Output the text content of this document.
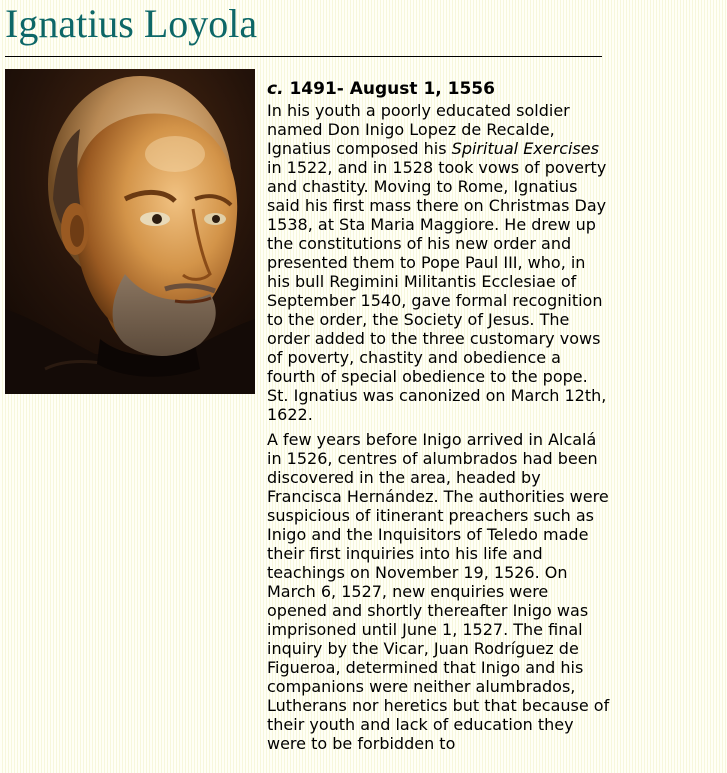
Ignatius Loyola

c. 1491- August 1, 1556

In his youth a poorly educated soldier named Don Inigo Lopez de Recalde, Ignatius composed his Spiritual Exercises in 1522, and in 1528 took vows of poverty and chastity. Moving to Rome, Ignatius said his first mass there on Christmas Day 1538, at Sta Maria Maggiore. He drew up the constitutions of his new order and presented them to Pope Paul III, who, in his bull Regimini Militantis Ecclesiae of September 1540, gave formal recognition to the order, the Society of Jesus. The order added to the three customary vows of poverty, chastity and obedience a fourth of special obedience to the pope. St. Ignatius was canonized on March 12th, 1622.

A few years before Inigo arrived in Alcalá in 1526, centres of alumbrados had been discovered in the area, headed by Francisca Hernández. The authorities were suspicious of itinerant preachers such as Inigo and the Inquisitors of Teledo made their first inquiries into his life and teachings on November 19, 1526. On March 6, 1527, new enquiries were opened and shortly thereafter Inigo was imprisoned until June 1, 1527. The final inquiry by the Vicar, Juan Rodríguez de Figueroa, determined that Inigo and his companions were neither alumbrados, Lutherans nor heretics but that because of their youth and lack of education they were to be forbidden to
